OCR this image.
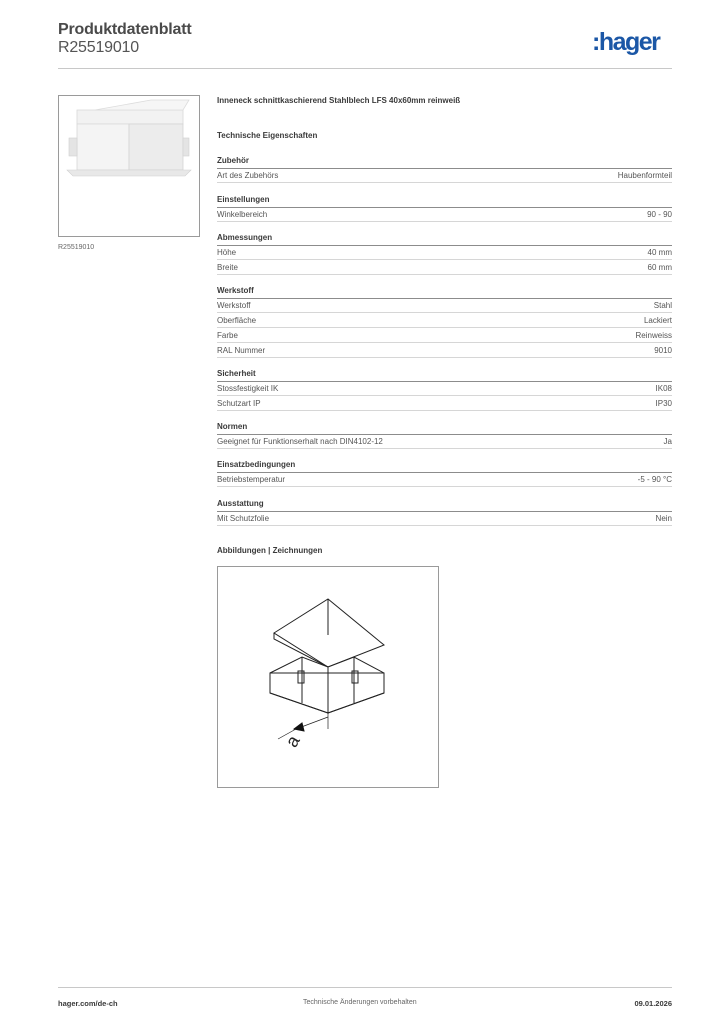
Produktdatenblatt
R25519010	:hager
R25519010
Inneneck schnittkaschierend Stahlblech LFS 40x60mm reinweiß
Technische Eigenschaften
Zubehör
Art des Zubehörs	Haubenformteil
Einstellungen
Winkelbereich	90 - 90
Abmessungen
Höhe	40 mm
Breite	60 mm
Werkstoff
Werkstoff	Stahl
Oberfläche	Lackiert
Farbe	Reinweiss
RAL Nummer	9010
Sicherheit
Stossfestigkeit IK	IK08
Schutzart IP	IP30
Normen
Geeignet für Funktionserhalt nach DIN4102-12	Ja
Einsatzbedingungen
Betriebstemperatur	-5 - 90 °C
Ausstattung
Mit Schutzfolie	Nein
Abbildungen | Zeichnungen
a
hager.com/de-ch	Technische Änderungen vorbehalten	09.01.2026
